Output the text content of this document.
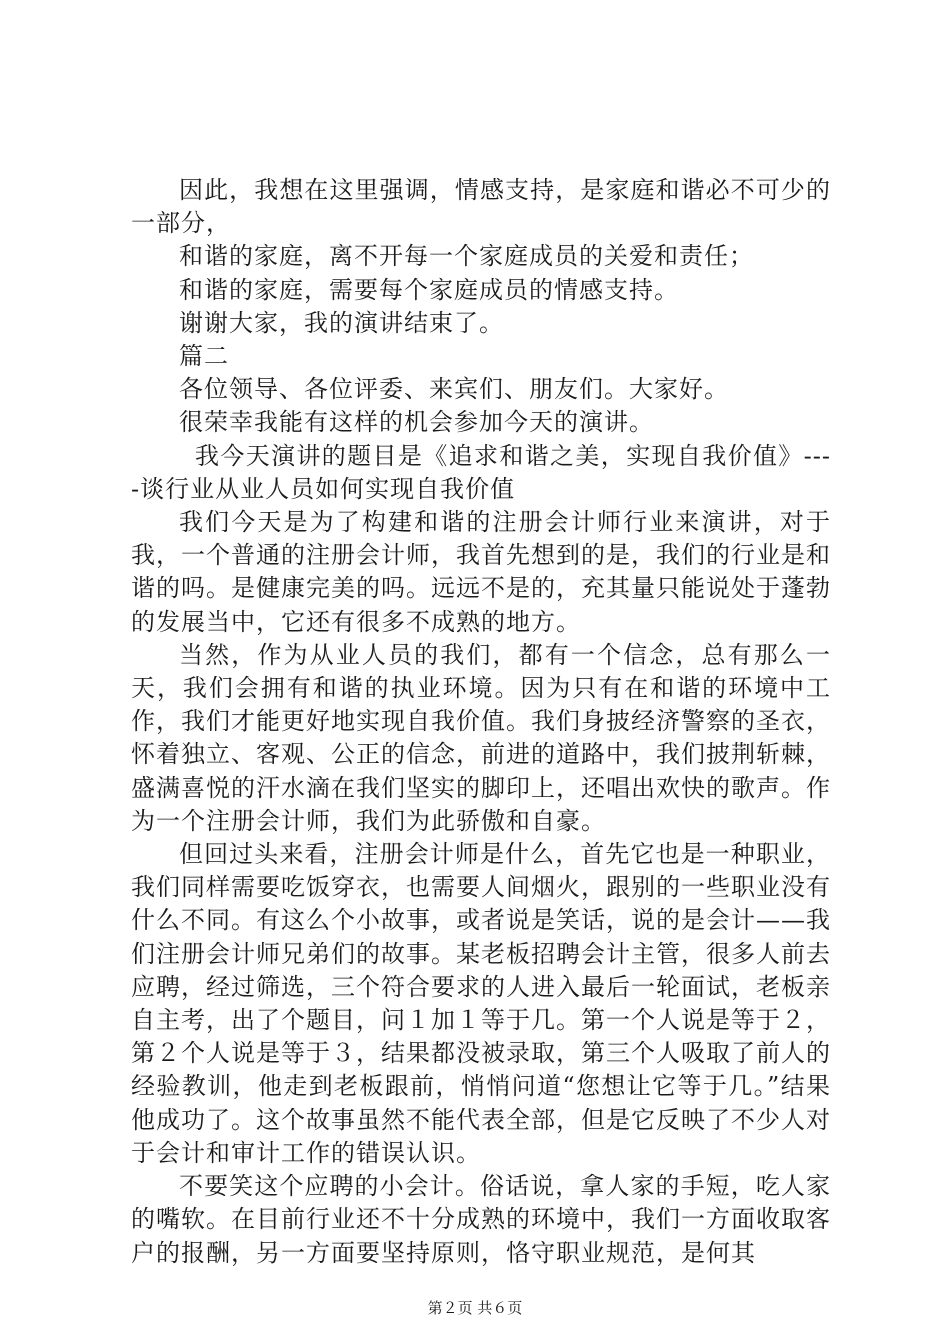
因此，我想在这里强调，情感支持，是家庭和谐必不可少的一部分，

和谐的家庭，离不开每一个家庭成员的关爱和责任；

和谐的家庭，需要每个家庭成员的情感支持。

谢谢大家，我的演讲结束了。

篇二

各位领导、各位评委、来宾们、朋友们。大家好。

很荣幸我能有这样的机会参加今天的演讲。

我今天演讲的题目是《追求和谐之美，实现自我价值》----谈行业从业人员如何实现自我价值

我们今天是为了构建和谐的注册会计师行业来演讲，对于我，一个普通的注册会计师，我首先想到的是，我们的行业是和谐的吗。是健康完美的吗。远远不是的，充其量只能说处于蓬勃的发展当中，它还有很多不成熟的地方。

当然，作为从业人员的我们，都有一个信念，总有那么一天，我们会拥有和谐的执业环境。因为只有在和谐的环境中工作，我们才能更好地实现自我价值。我们身披经济警察的圣衣，怀着独立、客观、公正的信念，前进的道路中，我们披荆斩棘，盛满喜悦的汗水滴在我们坚实的脚印上，还唱出欢快的歌声。作为一个注册会计师，我们为此骄傲和自豪。

但回过头来看，注册会计师是什么，首先它也是一种职业，我们同样需要吃饭穿衣，也需要人间烟火，跟别的一些职业没有什么不同。有这么个小故事，或者说是笑话，说的是会计——我们注册会计师兄弟们的故事。某老板招聘会计主管，很多人前去应聘，经过筛选，三个符合要求的人进入最后一轮面试，老板亲自主考，出了个题目，问１加１等于几。第一个人说是等于２，第２个人说是等于３，结果都没被录取，第三个人吸取了前人的经验教训，他走到老板跟前，悄悄问道“您想让它等于几。”结果他成功了。这个故事虽然不能代表全部，但是它反映了不少人对于会计和审计工作的错误认识。

不要笑这个应聘的小会计。俗话说，拿人家的手短，吃人家的嘴软。在目前行业还不十分成熟的环境中，我们一方面收取客户的报酬，另一方面要坚持原则，恪守职业规范，是何其

第２页 共６页
